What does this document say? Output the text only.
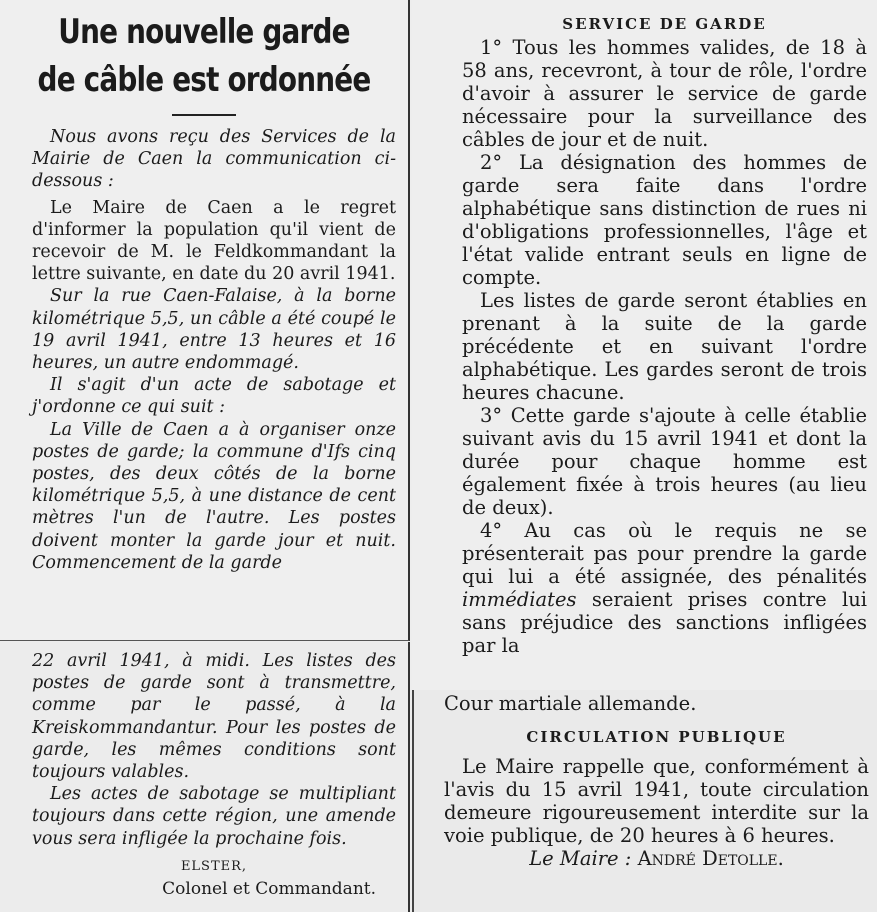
Une nouvelle garde
de câble est ordonnée

Nous avons reçu des Services de la Mairie de Caen la communication ci-dessous :

Le Maire de Caen a le regret d'informer la population qu'il vient de recevoir de M. le Feldkommandant la lettre suivante, en date du 20 avril 1941.

Sur la rue Caen-Falaise, à la borne kilométrique 5,5, un câble a été coupé le 19 avril 1941, entre 13 heures et 16 heures, un autre endommagé.

Il s'agit d'un acte de sabotage et j'ordonne ce qui suit :

La Ville de Caen a à organiser onze postes de garde; la commune d'Ifs cinq postes, des deux côtés de la borne kilométrique 5,5, à une distance de cent mètres l'un de l'autre. Les postes doivent monter la garde jour et nuit. Commencement de la garde

22 avril 1941, à midi. Les listes des postes de garde sont à transmettre, comme par le passé, à la Kreiskommandantur. Pour les postes de garde, les mêmes conditions sont toujours valables.

Les actes de sabotage se multipliant toujours dans cette région, une amende vous sera infligée la prochaine fois.

ELSTER,
Colonel et Commandant.
SERVICE DE GARDE

1° Tous les hommes valides, de 18 à 58 ans, recevront, à tour de rôle, l'ordre d'avoir à assurer le service de garde nécessaire pour la surveillance des câbles de jour et de nuit.

2° La désignation des hommes de garde sera faite dans l'ordre alphabétique sans distinction de rues ni d'obligations professionnelles, l'âge et l'état valide entrant seuls en ligne de compte.

Les listes de garde seront établies en prenant à la suite de la garde précédente et en suivant l'ordre alphabétique. Les gardes seront de trois heures chacune.

3° Cette garde s'ajoute à celle établie suivant avis du 15 avril 1941 et dont la durée pour chaque homme est également fixée à trois heures (au lieu de deux).

4° Au cas où le requis ne se présenterait pas pour prendre la garde qui lui a été assignée, des pénalités immédiates seraient prises contre lui sans préjudice des sanctions infligées par la

Cour martiale allemande.

CIRCULATION PUBLIQUE

Le Maire rappelle que, conformément à l'avis du 15 avril 1941, toute circulation demeure rigoureusement interdite sur la voie publique, de 20 heures à 6 heures.

Le Maire : André Detolle.
